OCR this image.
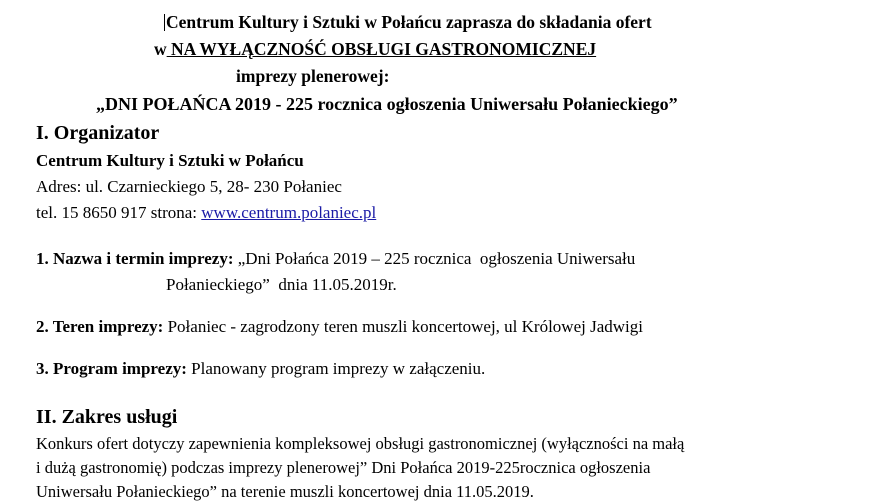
Centrum Kultury i Sztuki w Połańcu zaprasza do składania ofert
w NA WYŁĄCZNOŚĆ OBSŁUGI GASTRONOMICZNEJ
imprezy plenerowej:
„DNI POŁAŃCA 2019 - 225 rocznica ogłoszenia Uniwersału Połanieckiego”
I. Organizator
Centrum Kultury i Sztuki w Połańcu
Adres: ul. Czarnieckiego 5, 28- 230 Połaniec
tel. 15 8650 917 strona: www.centrum.polaniec.pl
1. Nazwa i termin imprezy: „Dni Połańca 2019 – 225 rocznica  ogłoszenia Uniwersału
Połanieckiego”  dnia 11.05.2019r.
2. Teren imprezy: Połaniec - zagrodzony teren muszli koncertowej, ul Królowej Jadwigi
3. Program imprezy: Planowany program imprezy w załączeniu.
II. Zakres usługi
Konkurs ofert dotyczy zapewnienia kompleksowej obsługi gastronomicznej (wyłączności na małą
i dużą gastronomię) podczas imprezy plenerowej” Dni Połańca 2019-225rocznica ogłoszenia
Uniwersału Połanieckiego” na terenie muszli koncertowej dnia 11.05.2019.
